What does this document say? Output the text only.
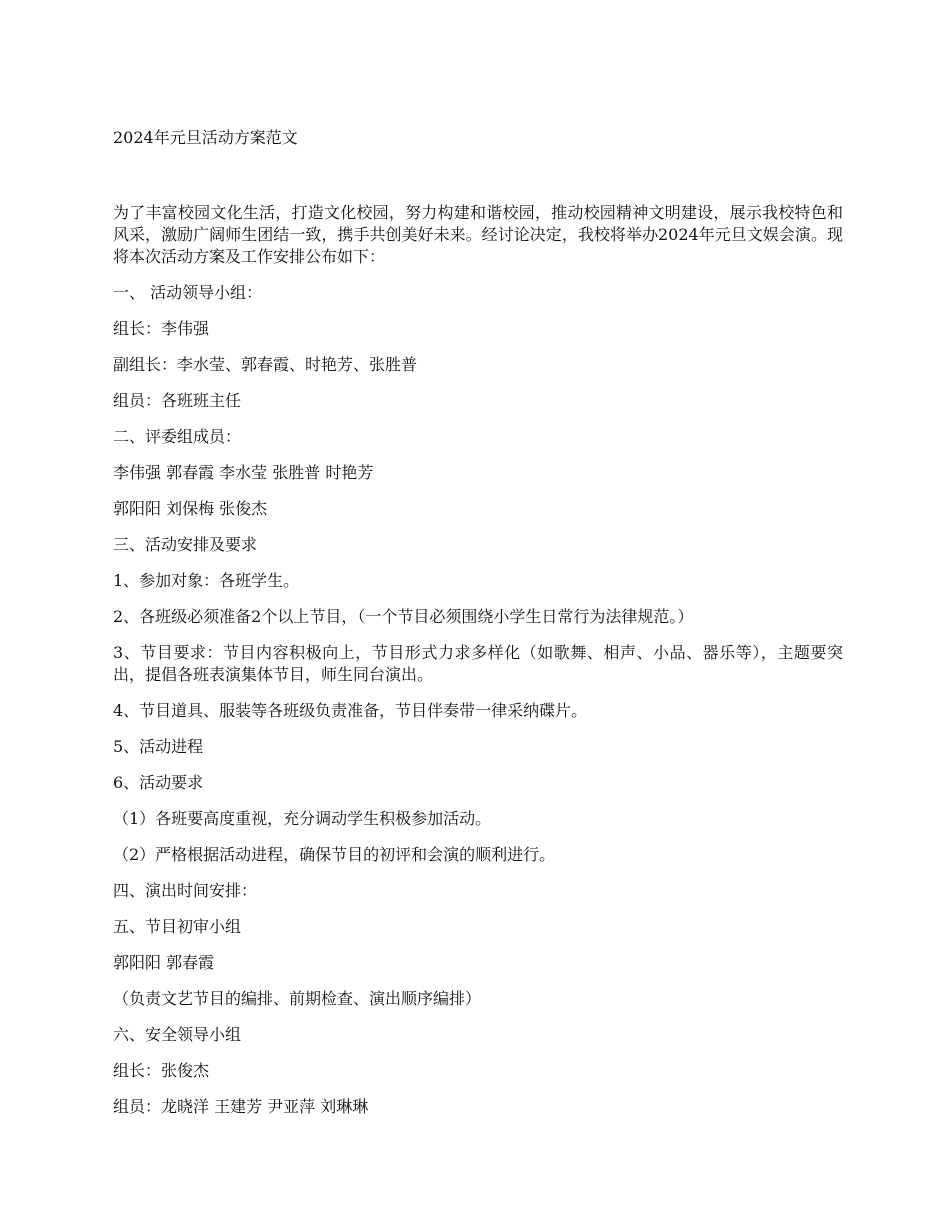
2024年元旦活动方案范文
为了丰富校园文化生活，打造文化校园，努力构建和谐校园，推动校园精神文明建设，展示我校特色和风采，激励广阔师生团结一致，携手共创美好未来。经讨论决定，我校将举办2024年元旦文娱会演。现将本次活动方案及工作安排公布如下：
一、 活动领导小组：
组长：李伟强
副组长：李水莹、郭春霞、时艳芳、张胜普
组员：各班班主任
二、评委组成员：
李伟强 郭春霞 李水莹 张胜普 时艳芳
郭阳阳 刘保梅 张俊杰
三、活动安排及要求
1、参加对象：各班学生。
2、各班级必须准备2个以上节目，（一个节目必须围绕小学生日常行为法律规范。）
3、节目要求：节目内容积极向上，节目形式力求多样化（如歌舞、相声、小品、器乐等），主题要突出，提倡各班表演集体节目，师生同台演出。
4、节目道具、服装等各班级负责准备，节目伴奏带一律采纳碟片。
5、活动进程
6、活动要求
（1）各班要高度重视，充分调动学生积极参加活动。
（2）严格根据活动进程，确保节目的初评和会演的顺利进行。
四、演出时间安排：
五、节目初审小组
郭阳阳 郭春霞
（负责文艺节目的编排、前期检查、演出顺序编排）
六、安全领导小组
组长：张俊杰
组员：龙晓洋 王建芳 尹亚萍 刘琳琳
